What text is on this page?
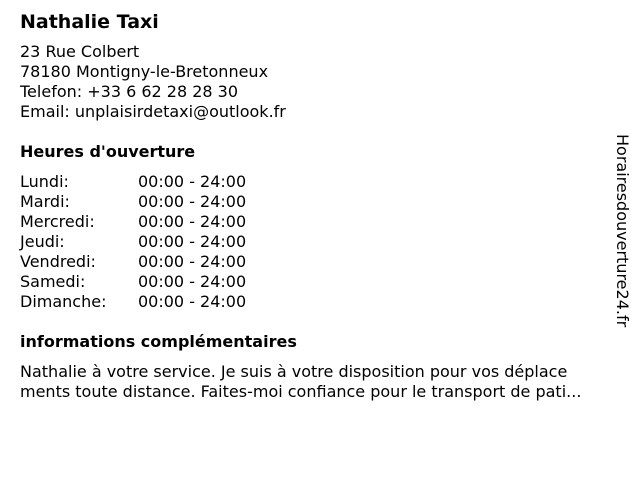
Nathalie Taxi
23 Rue Colbert
78180 Montigny-le-Bretonneux
Telefon: +33 6 62 28 28 30
Email: unplaisirdetaxi@outlook.fr
Heures d'ouverture
Lundi:	00:00 - 24:00
Mardi:	00:00 - 24:00
Mercredi:	00:00 - 24:00
Jeudi:	00:00 - 24:00
Vendredi:	00:00 - 24:00
Samedi:	00:00 - 24:00
Dimanche:	00:00 - 24:00
informations complémentaires
Nathalie à votre service. Je suis à votre disposition pour vos déplace
ments toute distance. Faites-moi confiance pour le transport de pati...
Horairesdouverture24.fr
